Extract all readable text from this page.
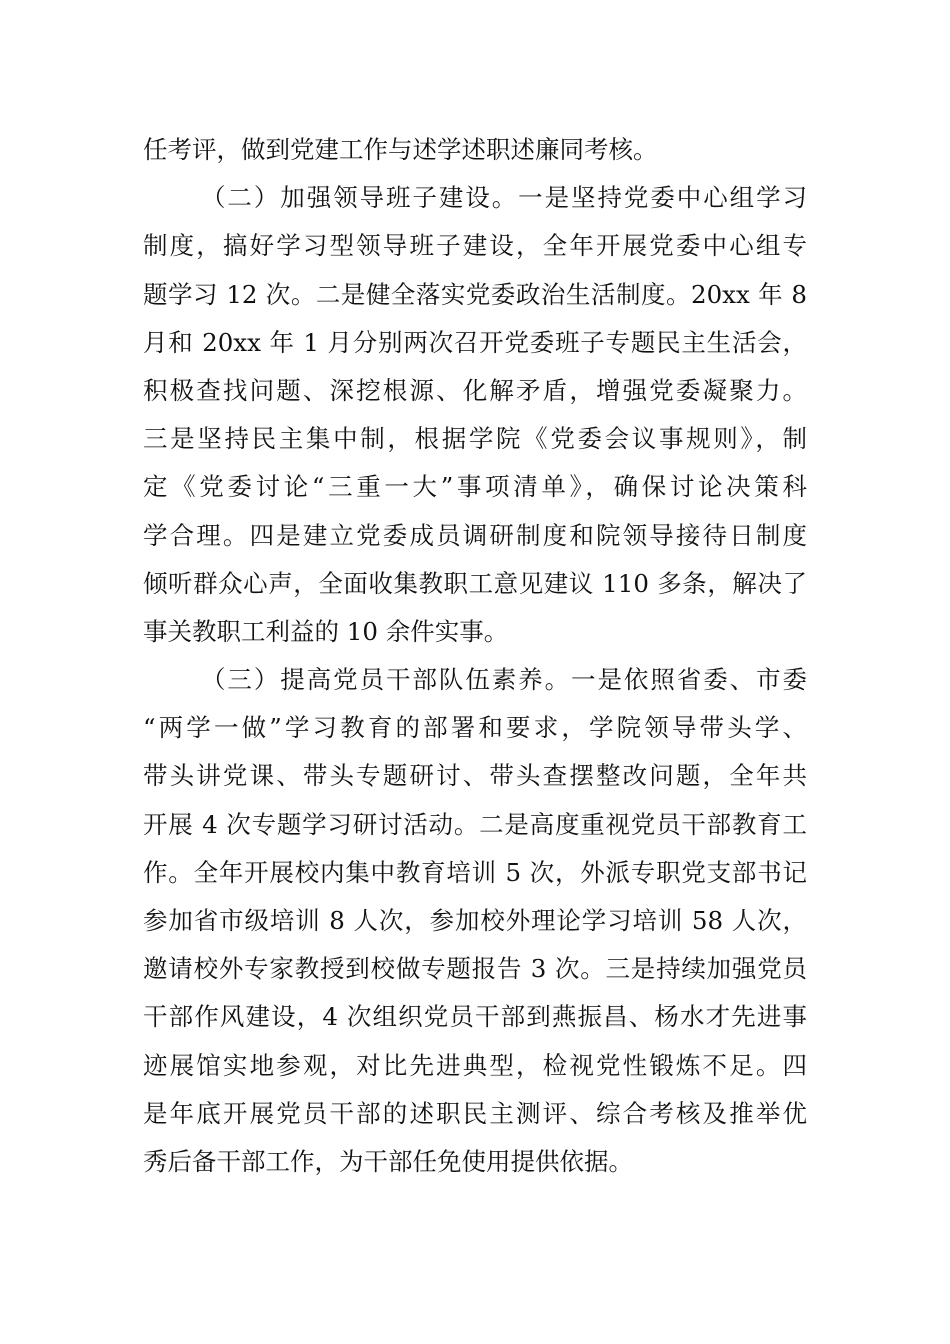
任考评，做到党建工作与述学述职述廉同考核。
（二）加强领导班子建设。一是坚持党委中心组学习
制度，搞好学习型领导班子建设，全年开展党委中心组专
题学习 12 次。二是健全落实党委政治生活制度。20xx 年 8
月和 20xx 年 1 月分别两次召开党委班子专题民主生活会，
积极查找问题、深挖根源、化解矛盾，增强党委凝聚力。
三是坚持民主集中制，根据学院《党委会议事规则》，制
定《党委讨论“三重一大”事项清单》，确保讨论决策科
学合理。四是建立党委成员调研制度和院领导接待日制度
倾听群众心声，全面收集教职工意见建议 110 多条，解决了
事关教职工利益的 10 余件实事。
（三）提高党员干部队伍素养。一是依照省委、市委
“两学一做”学习教育的部署和要求，学院领导带头学、
带头讲党课、带头专题研讨、带头查摆整改问题，全年共
开展 4 次专题学习研讨活动。二是高度重视党员干部教育工
作。全年开展校内集中教育培训 5 次，外派专职党支部书记
参加省市级培训 8 人次，参加校外理论学习培训 58 人次，
邀请校外专家教授到校做专题报告 3 次。三是持续加强党员
干部作风建设，4 次组织党员干部到燕振昌、杨水才先进事
迹展馆实地参观，对比先进典型，检视党性锻炼不足。四
是年底开展党员干部的述职民主测评、综合考核及推举优
秀后备干部工作，为干部任免使用提供依据。
